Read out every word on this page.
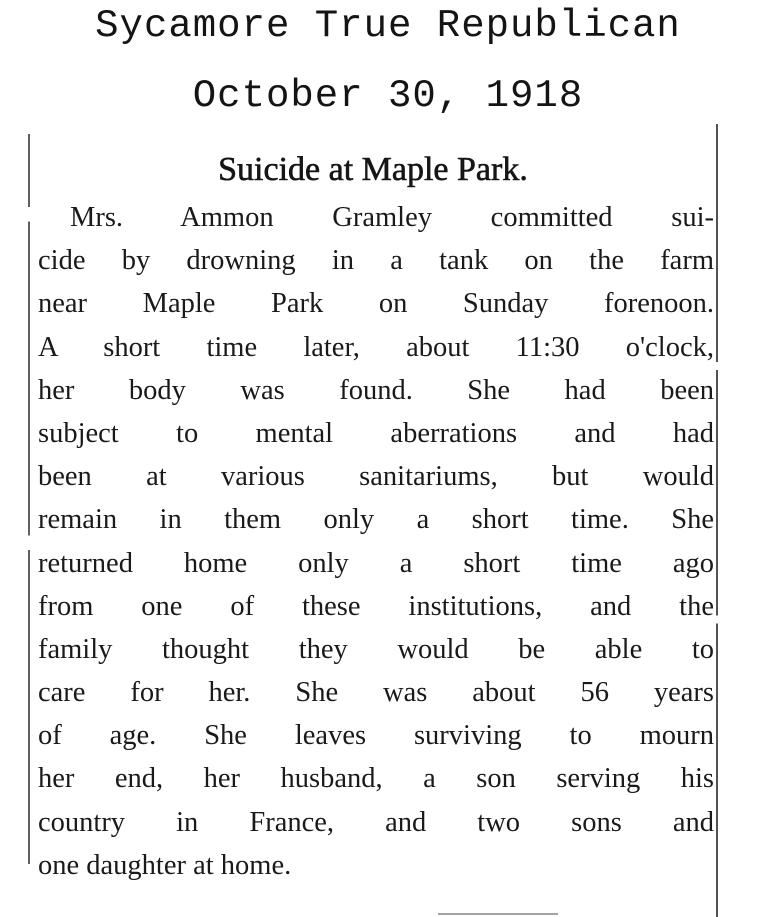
Sycamore True Republican
October 30, 1918
Suicide at Maple Park.
Mrs. Ammon Gramley committed sui-
cide by drowning in a tank on the farm
near Maple Park on Sunday forenoon.
A short time later, about 11:30 o'clock,
her body was found. She had been
subject to mental aberrations and had
been at various sanitariums, but would
remain in them only a short time. She
returned home only a short time ago
from one of these institutions, and the
family thought they would be able to
care for her. She was about 56 years
of age. She leaves surviving to mourn
her end, her husband, a son serving his
country in France, and two sons and
one daughter at home.
